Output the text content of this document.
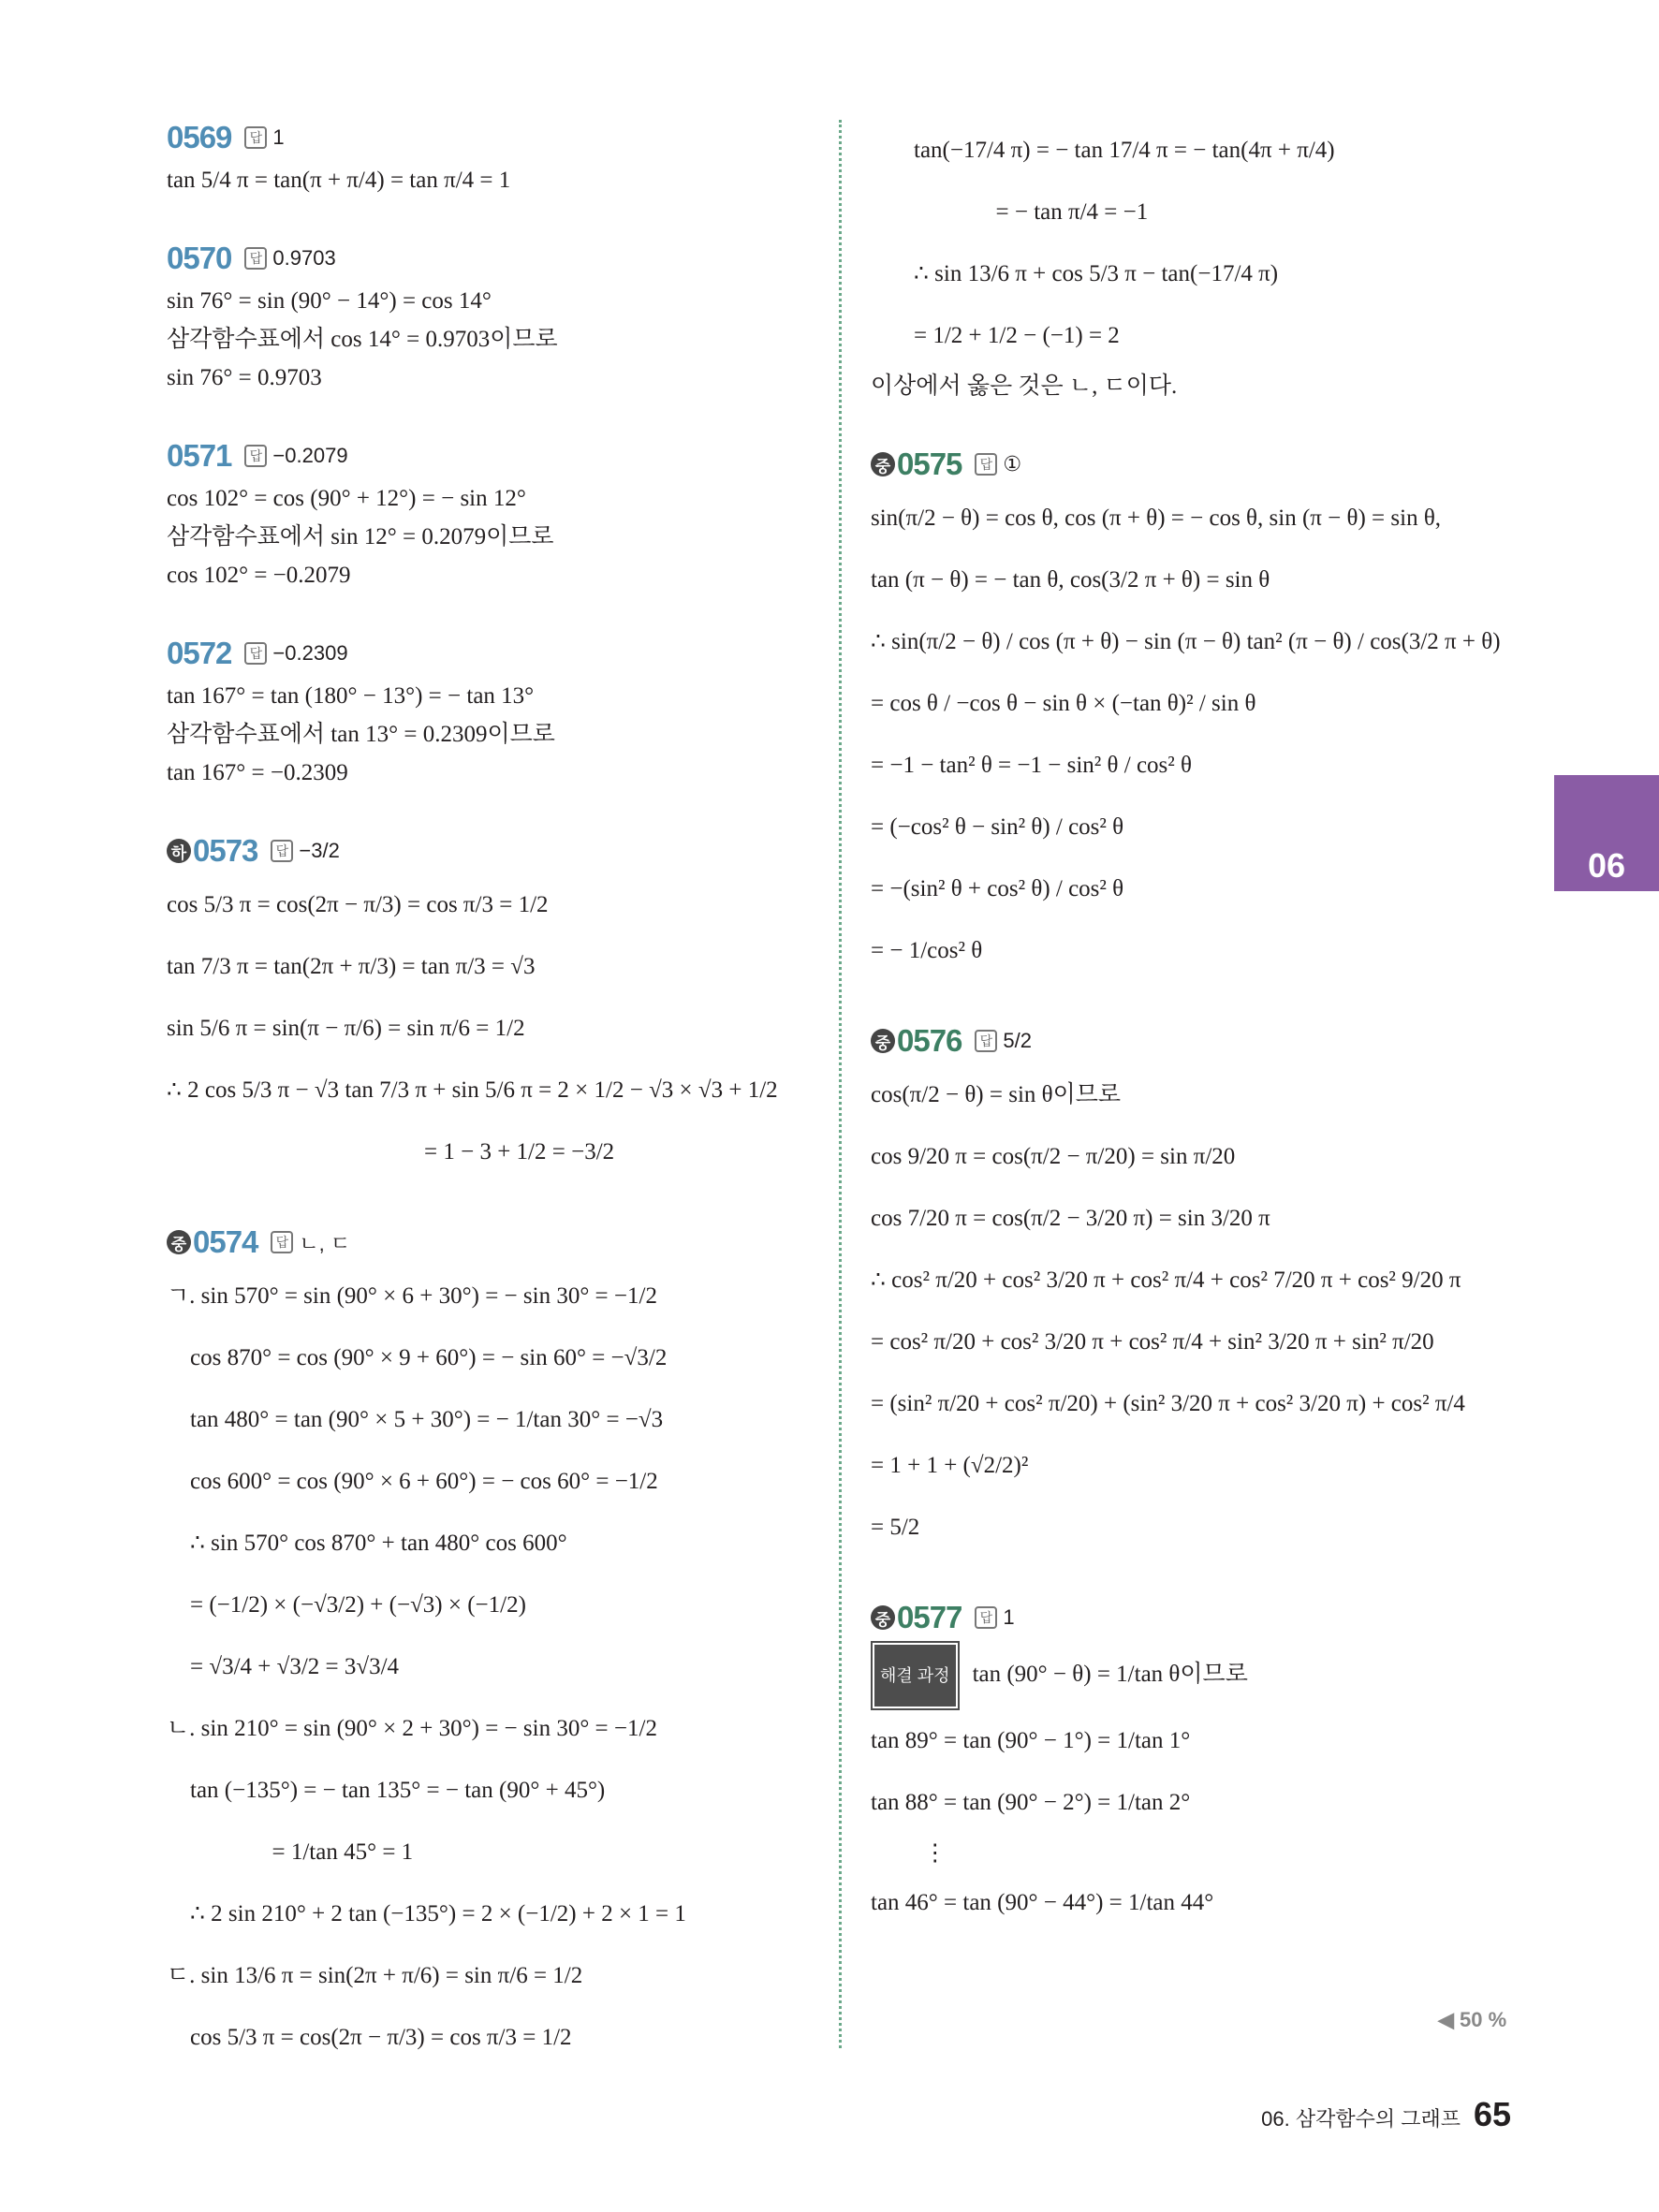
0569	답 1
tan 5/4 π = tan(π + π/4) = tan π/4 = 1
0570	답 0.9703
sin 76° = sin (90° − 14°) = cos 14°
삼각함수표에서 cos 14° = 0.9703이므로
sin 76° = 0.9703
0571	답 −0.2079
cos 102° = cos (90° + 12°) = − sin 12°
삼각함수표에서 sin 12° = 0.2079이므로
cos 102° = −0.2079
0572	답 −0.2309
tan 167° = tan (180° − 13°) = − tan 13°
삼각함수표에서 tan 13° = 0.2309이므로
tan 167° = −0.2309
하 0573	답 −3/2
cos 5/3 π = cos(2π − π/3) = cos π/3 = 1/2
tan 7/3 π = tan(2π + π/3) = tan π/3 = √3
sin 5/6 π = sin(π − π/6) = sin π/6 = 1/2
∴ 2 cos 5/3 π − √3 tan 7/3 π + sin 5/6 π = 2 × 1/2 − √3 × √3 + 1/2
= 1 − 3 + 1/2 = −3/2
중 0574	답 ㄴ, ㄷ
ㄱ. sin 570° = sin (90° × 6 + 30°) = − sin 30° = −1/2
cos 870° = cos (90° × 9 + 60°) = − sin 60° = −√3/2
tan 480° = tan (90° × 5 + 30°) = − 1/tan 30° = −√3
cos 600° = cos (90° × 6 + 60°) = − cos 60° = −1/2
∴ sin 570° cos 870° + tan 480° cos 600°
= (−1/2) × (−√3/2) + (−√3) × (−1/2)
= √3/4 + √3/2 = 3√3/4
ㄴ. sin 210° = sin (90° × 2 + 30°) = − sin 30° = −1/2
tan (−135°) = − tan 135° = − tan (90° + 45°)
= 1/tan 45° = 1
∴ 2 sin 210° + 2 tan (−135°) = 2 × (−1/2) + 2 × 1 = 1
ㄷ. sin 13/6 π = sin(2π + π/6) = sin π/6 = 1/2
cos 5/3 π = cos(2π − π/3) = cos π/3 = 1/2
tan(−17/4 π) = − tan 17/4 π = − tan(4π + π/4)
= − tan π/4 = −1
∴ sin 13/6 π + cos 5/3 π − tan(−17/4 π)
= 1/2 + 1/2 − (−1) = 2
이상에서 옳은 것은 ㄴ, ㄷ이다.
중 0575	답 ①
sin(π/2 − θ) = cos θ, cos (π + θ) = − cos θ, sin (π − θ) = sin θ,
tan (π − θ) = − tan θ, cos(3/2 π + θ) = sin θ
∴ sin(π/2 − θ) / cos (π + θ) − sin (π − θ) tan² (π − θ) / cos(3/2 π + θ)
= cos θ / −cos θ − sin θ × (−tan θ)² / sin θ
= −1 − tan² θ = −1 − sin² θ / cos² θ
= (−cos² θ − sin² θ) / cos² θ
= −(sin² θ + cos² θ) / cos² θ
= − 1/cos² θ
중 0576	답 5/2
cos(π/2 − θ) = sin θ이므로
cos 9/20 π = cos(π/2 − π/20) = sin π/20
cos 7/20 π = cos(π/2 − 3/20 π) = sin 3/20 π
∴ cos² π/20 + cos² 3/20 π + cos² π/4 + cos² 7/20 π + cos² 9/20 π
= cos² π/20 + cos² 3/20 π + cos² π/4 + sin² 3/20 π + sin² π/20
= (sin² π/20 + cos² π/20) + (sin² 3/20 π + cos² 3/20 π) + cos² π/4
= 1 + 1 + (√2/2)²
= 5/2
중 0577	답 1
해결 과정 tan (90° − θ) = 1/tan θ이므로
tan 89° = tan (90° − 1°) = 1/tan 1°
tan 88° = tan (90° − 2°) = 1/tan 2°
⋮
tan 46° = tan (90° − 44°) = 1/tan 44°
06
◀ 50 %
06. 삼각함수의 그래프 65
